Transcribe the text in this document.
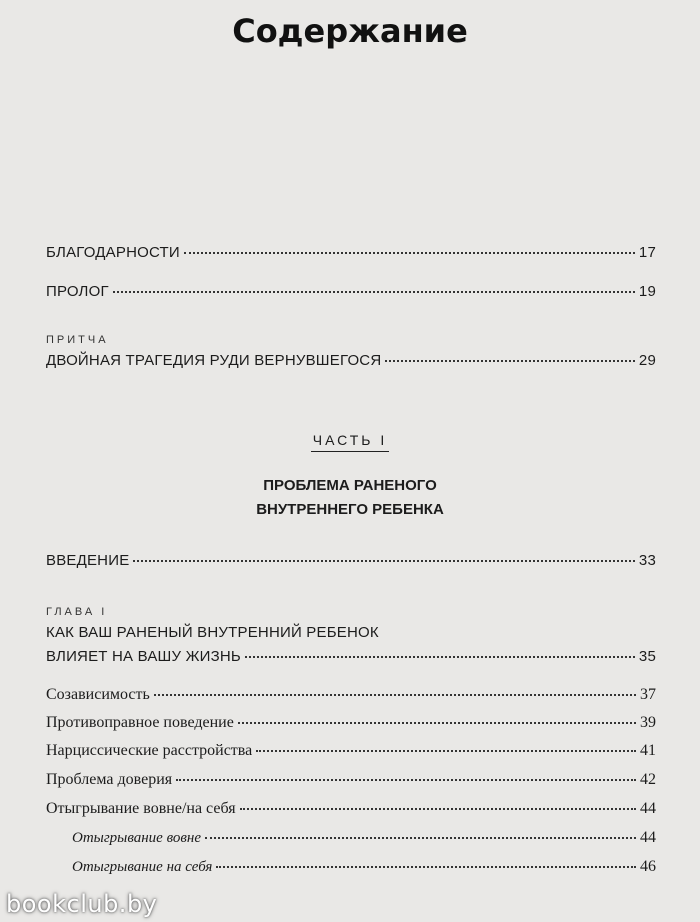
Содержание
БЛАГОДАРНОСТИ	17
ПРОЛОГ	19
ПРИТЧА
ДВОЙНАЯ ТРАГЕДИЯ РУДИ ВЕРНУВШЕГОСЯ	29
ЧАСТЬ I
ПРОБЛЕМА РАНЕНОГО
ВНУТРЕННЕГО РЕБЕНКА
ВВЕДЕНИЕ	33
ГЛАВА I
КАК ВАШ РАНЕНЫЙ ВНУТРЕННИЙ РЕБЕНОК
ВЛИЯЕТ НА ВАШУ ЖИЗНЬ	35
Созависимость	37
Противоправное поведение	39
Нарциссические расстройства	41
Проблема доверия	42
Отыгрывание вовне/на себя	44
Отыгрывание вовне	44
Отыгрывание на себя	46
bookclub.by
